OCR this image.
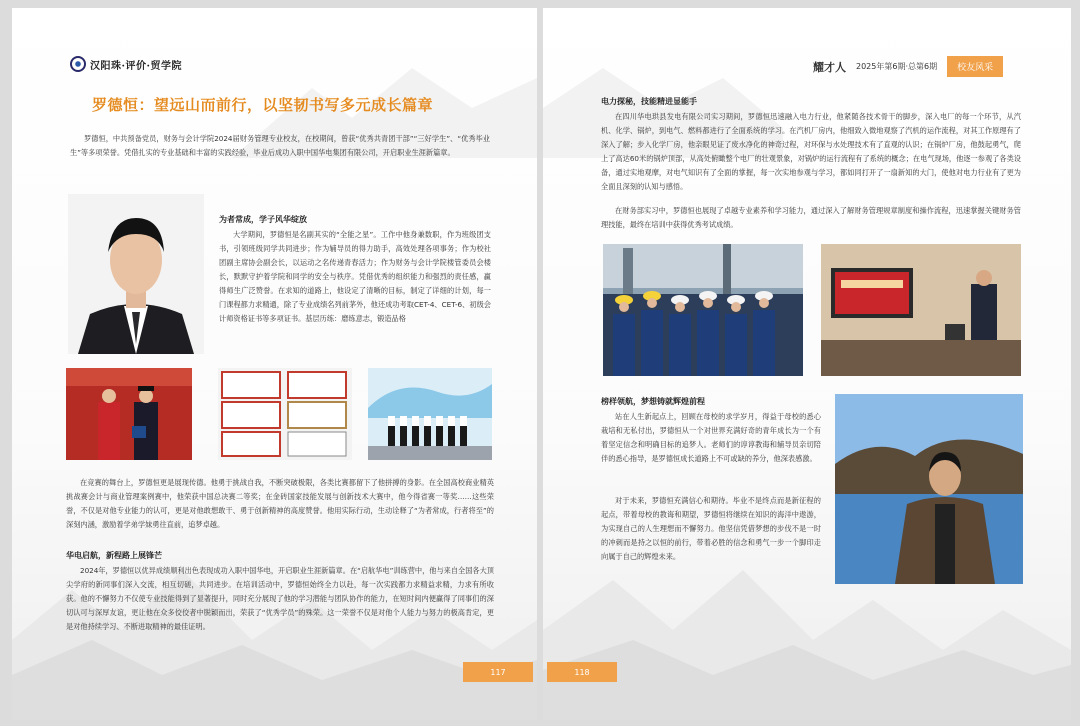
汉阳珠·评价·贸学院
罗德恒：望远山而前行，以坚韧书写多元成长篇章
罗德恒，中共预备党员，财务与会计学院2024届财务管理专业校友，在校期间，曾获“优秀共青团干部”“三好学生”、“优秀毕业生”等多项荣誉。凭借扎实的专业基础和丰富的实践经验，毕业后成功入职中国华电集团有限公司，开启职业生涯新篇章。
为者常成，学子风华绽放
大学期间，罗德恒是名副其实的“全能之星”。工作中他身兼数职，作为班级团支书，引领班级同学共同进步；作为辅导员的得力助手，高效处理各项事务；作为校社团副主席协会副会长，以运动之名传递青春活力；作为财务与会计学院楼管委员会楼长，默默守护着学院和同学的安全与秩序。凭借优秀的组织能力和强烈的责任感，赢得师生广泛赞誉。在求知的道路上，他设定了清晰的目标，制定了详细的计划，每一门课程都力求精通，除了专业成绩名列前茅外，他还成功考取CET-4、CET-6、初级会计师资格证书等多项证书。基层历练：磨练意志，锻造品格
在竞赛的舞台上，罗德恒更是展现传德。他勇于挑战自我，不断突破极限，各类比赛都留下了他拼搏的身影。在全国高校商业精英挑战赛会计与商业管理案例赛中，他荣获中国总决赛二等奖；在金砖国家技能发展与创新技术大赛中，他今得省赛一等奖……这些荣誉，不仅是对他专业能力的认可，更是对他敢想敢干、勇于创新精神的高度赞誉。他用实际行动，生动诠释了“为者常成，行者将至”的深刻内涵，激励着学弟学妹勇往直前，追梦卓越。
华电启航，新程路上展锋芒
2024年，罗德恒以优异成绩顺利出色表现成功入职中国华电，开启职业生涯新篇章。在“启航华电”训练营中，他与来自全国各大顶尖学府的新同事们深入交流，相互切磋，共同进步。在培训活动中，罗德恒始终全力以赴，每一次实践都力求精益求精，力求有所收获。他的不懈努力不仅使专业技能得到了显著提升，同时充分展现了他的学习潜能与团队协作的能力，在短时间内便赢得了同事们的深切认可与深厚友谊，更让他在众多佼佼者中脱颖而出，荣获了“优秀学员”的殊荣。这一荣誉不仅是对他个人能力与努力的极高肯定，更是对他持续学习、不断进取精神的最佳证明。
117
耀才人 2025年第6期·总第6期	校友风采
电力探秘，技能精进显能手
在四川华电珙县发电有限公司实习期间，罗德恒迅速融入电力行业，他紧随各技术骨干的脚步，深入电厂的每一个环节，从汽机、化学、锅炉，到电气、燃料都进行了全面系统的学习。在汽机厂房内，他细致入微地观察了汽机的运作流程，对其工作原理有了深入了解；步入化学厂房，他亲眼见证了废水净化的神奇过程，对环保与水处理技术有了直观的认识；在锅炉厂房，他鼓起勇气，爬上了高达60米的锅炉顶部，从高处俯瞰整个电厂的壮观景象，对锅炉的运行流程有了系统的概念；在电气现场，他逐一参观了各类设备，通过实地观摩，对电气知识有了全面的掌握，每一次实地参观与学习，都如同打开了一扇新知的大门，使他对电力行业有了更为全面且深刻的认知与感悟。
在财务部实习中，罗德恒也展现了卓越专业素养和学习能力，通过深入了解财务管理规章制度和操作流程，迅速掌握关键财务管理技能，最终在培训中获得优秀考试成绩。
榜样领航，梦想铸就辉煌前程
站在人生新起点上，回顾在母校的求学岁月，得益于母校的悉心栽培和无私付出，罗德恒从一个对世界充满好奇的青年成长为一个有着坚定信念和明确目标的追梦人。老师们的谆谆教诲和辅导员亲切陪伴的悉心指导，是罗德恒成长道路上不可或缺的养分，他深表感激。
对于未来，罗德恒充满信心和期待。毕业不是终点而是新征程的起点，带着母校的教诲和期望，罗德恒将继续在知识的海洋中遨游，为实现自己的人生理想而不懈努力。他坚信凭借梦想的步伐不是一时的冲刺而是持之以恒的前行，带着必胜的信念和勇气一步一个脚印走向属于自己的辉煌未来。
118
